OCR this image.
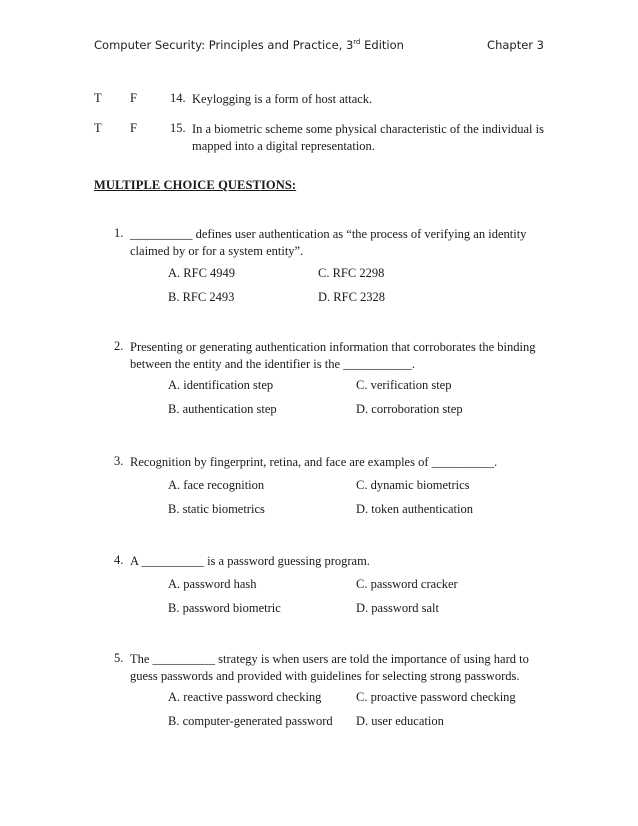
Computer Security: Principles and Practice, 3rd Edition	Chapter 3
T F	14. Keylogging is a form of host attack.
T F	15. In a biometric scheme some physical characteristic of the individual is mapped into a digital representation.
MULTIPLE CHOICE QUESTIONS:
1. __________ defines user authentication as “the process of verifying an identity claimed by or for a system entity”.
A. RFC 4949	C. RFC 2298
B. RFC 2493	D. RFC 2328
2. Presenting or generating authentication information that corroborates the binding between the entity and the identifier is the ___________.
A. identification step	C. verification step
B. authentication step	D. corroboration step
3. Recognition by fingerprint, retina, and face are examples of __________.
A. face recognition	C. dynamic biometrics
B. static biometrics	D. token authentication
4. A __________ is a password guessing program.
A. password hash	C. password cracker
B. password biometric	D. password salt
5. The __________ strategy is when users are told the importance of using hard to guess passwords and provided with guidelines for selecting strong passwords.
A. reactive password checking	C. proactive password checking
B. computer-generated password D. user education
